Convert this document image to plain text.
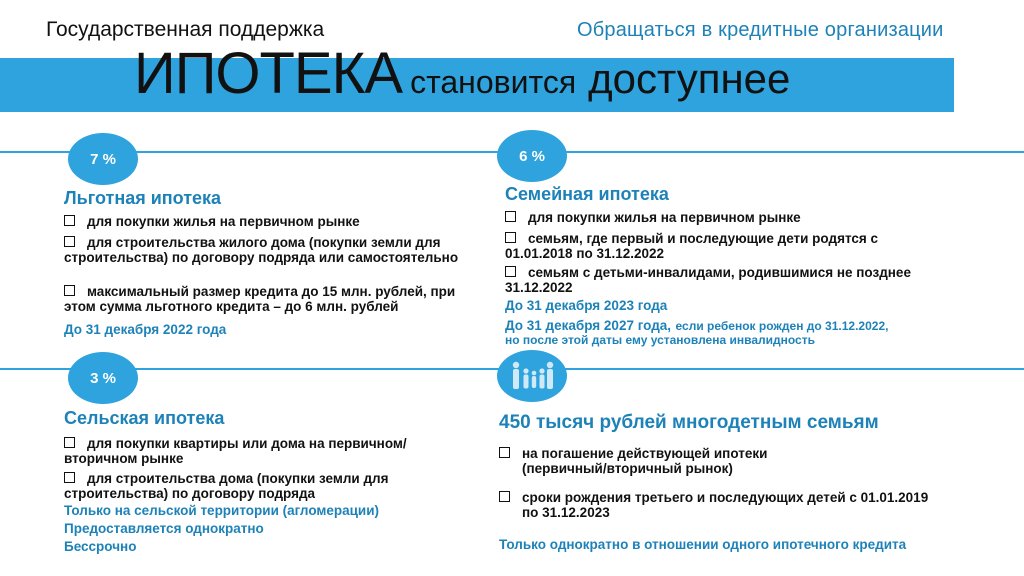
Государственная поддержка	Обращаться в кредитные организации
ИПОТЕКА становится доступнее
7 %
Льготная ипотека
для покупки жилья на первичном рынке
для строительства жилого дома (покупки земли для строительства) по договору подряда или самостоятельно
максимальный размер кредита до 15 млн. рублей, при этом сумма льготного кредита – до 6 млн. рублей
До 31 декабря 2022 года
6 %
Семейная ипотека
для покупки жилья на первичном рынке
семьям, где первый и последующие дети родятся с 01.01.2018 по 31.12.2022
семьям с детьми-инвалидами, родившимися не позднее 31.12.2022
До 31 декабря 2023 года
До 31 декабря 2027 года, если ребенок рожден до 31.12.2022,
но после этой даты ему установлена инвалидность
3 %
Сельская ипотека
для покупки квартиры или дома на первичном/вторичном рынке
для строительства дома (покупки земли для строительства) по договору подряда
Только на сельской территории (агломерации)
Предоставляется однократно
Бессрочно
450 тысяч рублей многодетным семьям
на погашение действующей ипотеки (первичный/вторичный рынок)
сроки рождения третьего и последующих детей с 01.01.2019 по 31.12.2023
Только однократно в отношении одного ипотечного кредита
